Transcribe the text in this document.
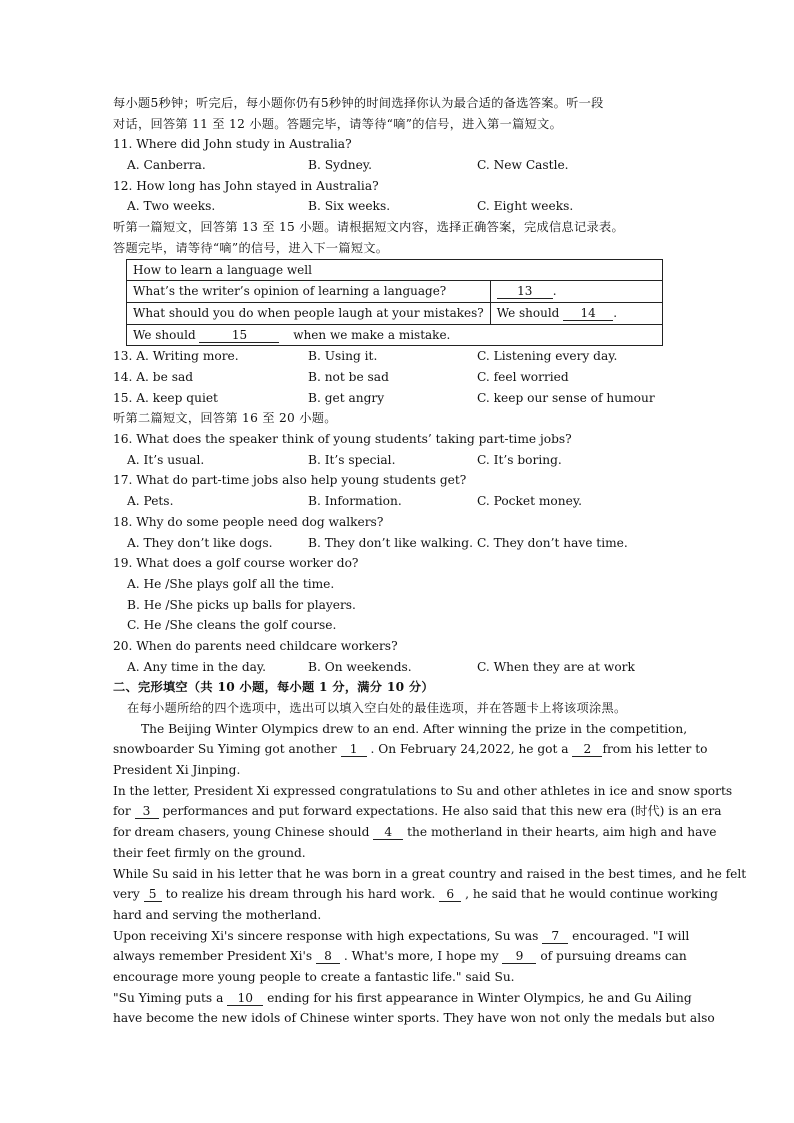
每小题5秒钟；听完后，每小题你仍有5秒钟的时间选择你认为最合适的备选答案。听一段
对话，回答第 11 至 12 小题。答题完毕，请等待“嘀”的信号，进入第一篇短文。
11. Where did John study in Australia?
A. Canberra.	B. Sydney.	C. New Castle.
12. How long has John stayed in Australia?
A. Two weeks.	B. Six weeks.	C. Eight weeks.
听第一篇短文，回答第 13 至 15 小题。请根据短文内容，选择正确答案，完成信息记录表。
答题完毕，请等待“嘀”的信号，进入下一篇短文。
How to learn a language well	
What’s the writer’s opinion of learning a language?	13 .
What should you do when people laugh at your mistakes?	We should 14 .
We should 15 when we make a mistake.	
13. A. Writing more.	B. Using it.	C. Listening every day.
14. A. be sad	B. not be sad	C. feel worried
15. A. keep quiet	B. get angry	C. keep our sense of humour
听第二篇短文，回答第 16 至 20 小题。
16. What does the speaker think of young students’ taking part-time jobs?
A. It’s usual.	B. It’s special.	C. It’s boring.
17. What do part-time jobs also help young students get?
A. Pets.	B. Information.	C. Pocket money.
18. Why do some people need dog walkers?
A. They don’t like dogs.	B. They don’t like walking. C. They don’t have time.
19. What does a golf course worker do?
A. He /She plays golf all the time.
B. He /She picks up balls for players.
C. He /She cleans the golf course.
20. When do parents need childcare workers?
A. Any time in the day.	B. On weekends.	C. When they are at work
二、完形填空（共 10 小题，每小题 1 分，满分 10 分）
在每小题所给的四个选项中，选出可以填入空白处的最佳选项，并在答题卡上将该项涂黑。
The Beijing Winter Olympics drew to an end. After winning the prize in the competition,
snowboarder Su Yiming got another 1 . On February 24,2022, he got a 2 from his letter to
President Xi Jinping.
In the letter, President Xi expressed congratulations to Su and other athletes in ice and snow sports
for 3 performances and put forward expectations. He also said that this new era (时代) is an era
for dream chasers, young Chinese should 4 the motherland in their hearts, aim high and have
their feet firmly on the ground.
While Su said in his letter that he was born in a great country and raised in the best times, and he felt
very 5 to realize his dream through his hard work. 6 , he said that he would continue working
hard and serving the motherland.
Upon receiving Xi's sincere response with high expectations, Su was 7 encouraged. "I will
always remember President Xi's 8 . What's more, I hope my 9 of pursuing dreams can
encourage more young people to create a fantastic life." said Su.
"Su Yiming puts a 10 ending for his first appearance in Winter Olympics, he and Gu Ailing
have become the new idols of Chinese winter sports. They have won not only the medals but also
